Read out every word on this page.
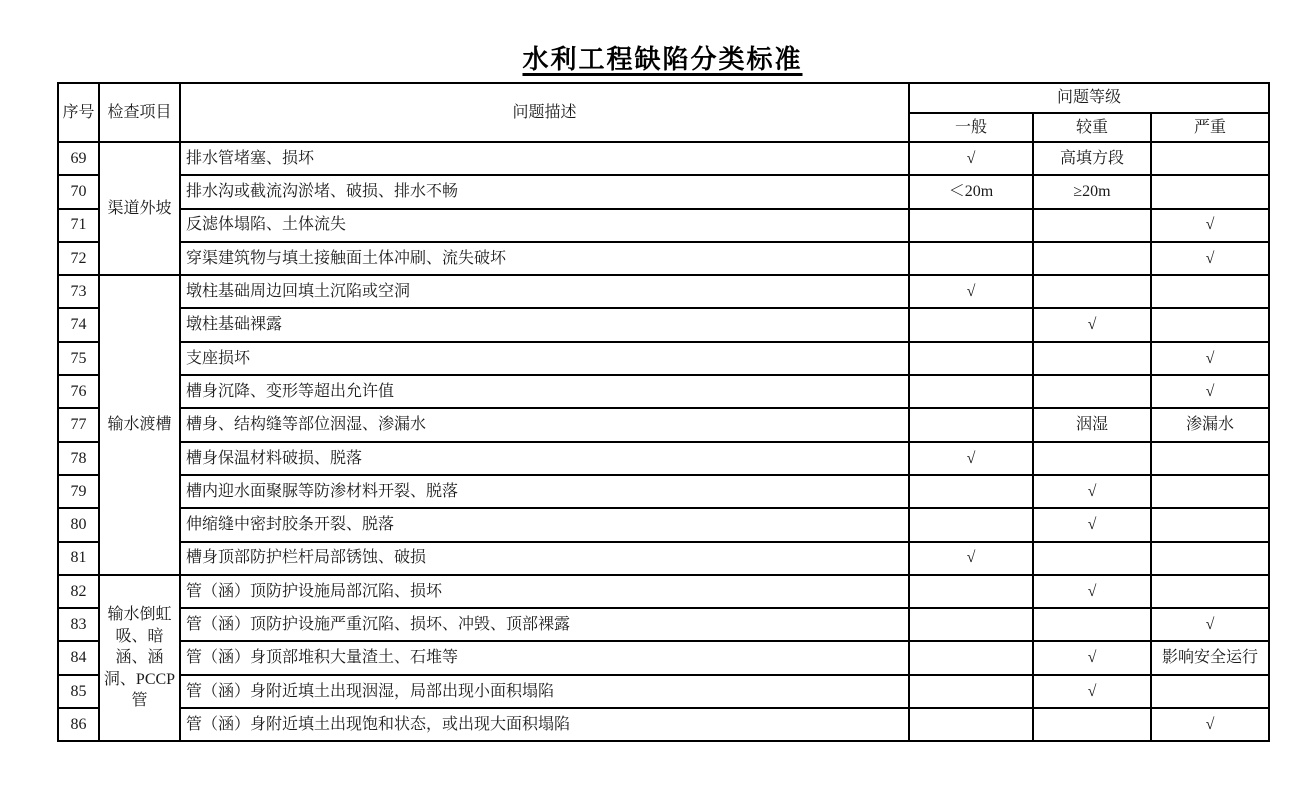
水利工程缺陷分类标准
序号	检查项目	问题描述	问题等级		
			一般	较重	严重
69	渠道外坡	排水管堵塞、损坏	√	高填方段	
70		排水沟或截流沟淤堵、破损、排水不畅	＜20m	≥20m	
71		反滤体塌陷、土体流失			√
72		穿渠建筑物与填土接触面土体冲刷、流失破坏			√
73	输水渡槽	墩柱基础周边回填土沉陷或空洞	√		
74		墩柱基础裸露		√	
75		支座损坏			√
76		槽身沉降、变形等超出允许值			√
77		槽身、结构缝等部位洇湿、渗漏水		洇湿	渗漏水
78		槽身保温材料破损、脱落	√		
79		槽内迎水面聚脲等防渗材料开裂、脱落		√	
80		伸缩缝中密封胶条开裂、脱落		√	
81		槽身顶部防护栏杆局部锈蚀、破损	√		
82	输水倒虹吸、暗涵、涵洞、PCCP管	管（涵）顶防护设施局部沉陷、损坏		√	
83		管（涵）顶防护设施严重沉陷、损坏、冲毁、顶部裸露			√
84		管（涵）身顶部堆积大量渣土、石堆等		√	影响安全运行
85		管（涵）身附近填土出现洇湿，局部出现小面积塌陷		√	
86		管（涵）身附近填土出现饱和状态，或出现大面积塌陷			√
